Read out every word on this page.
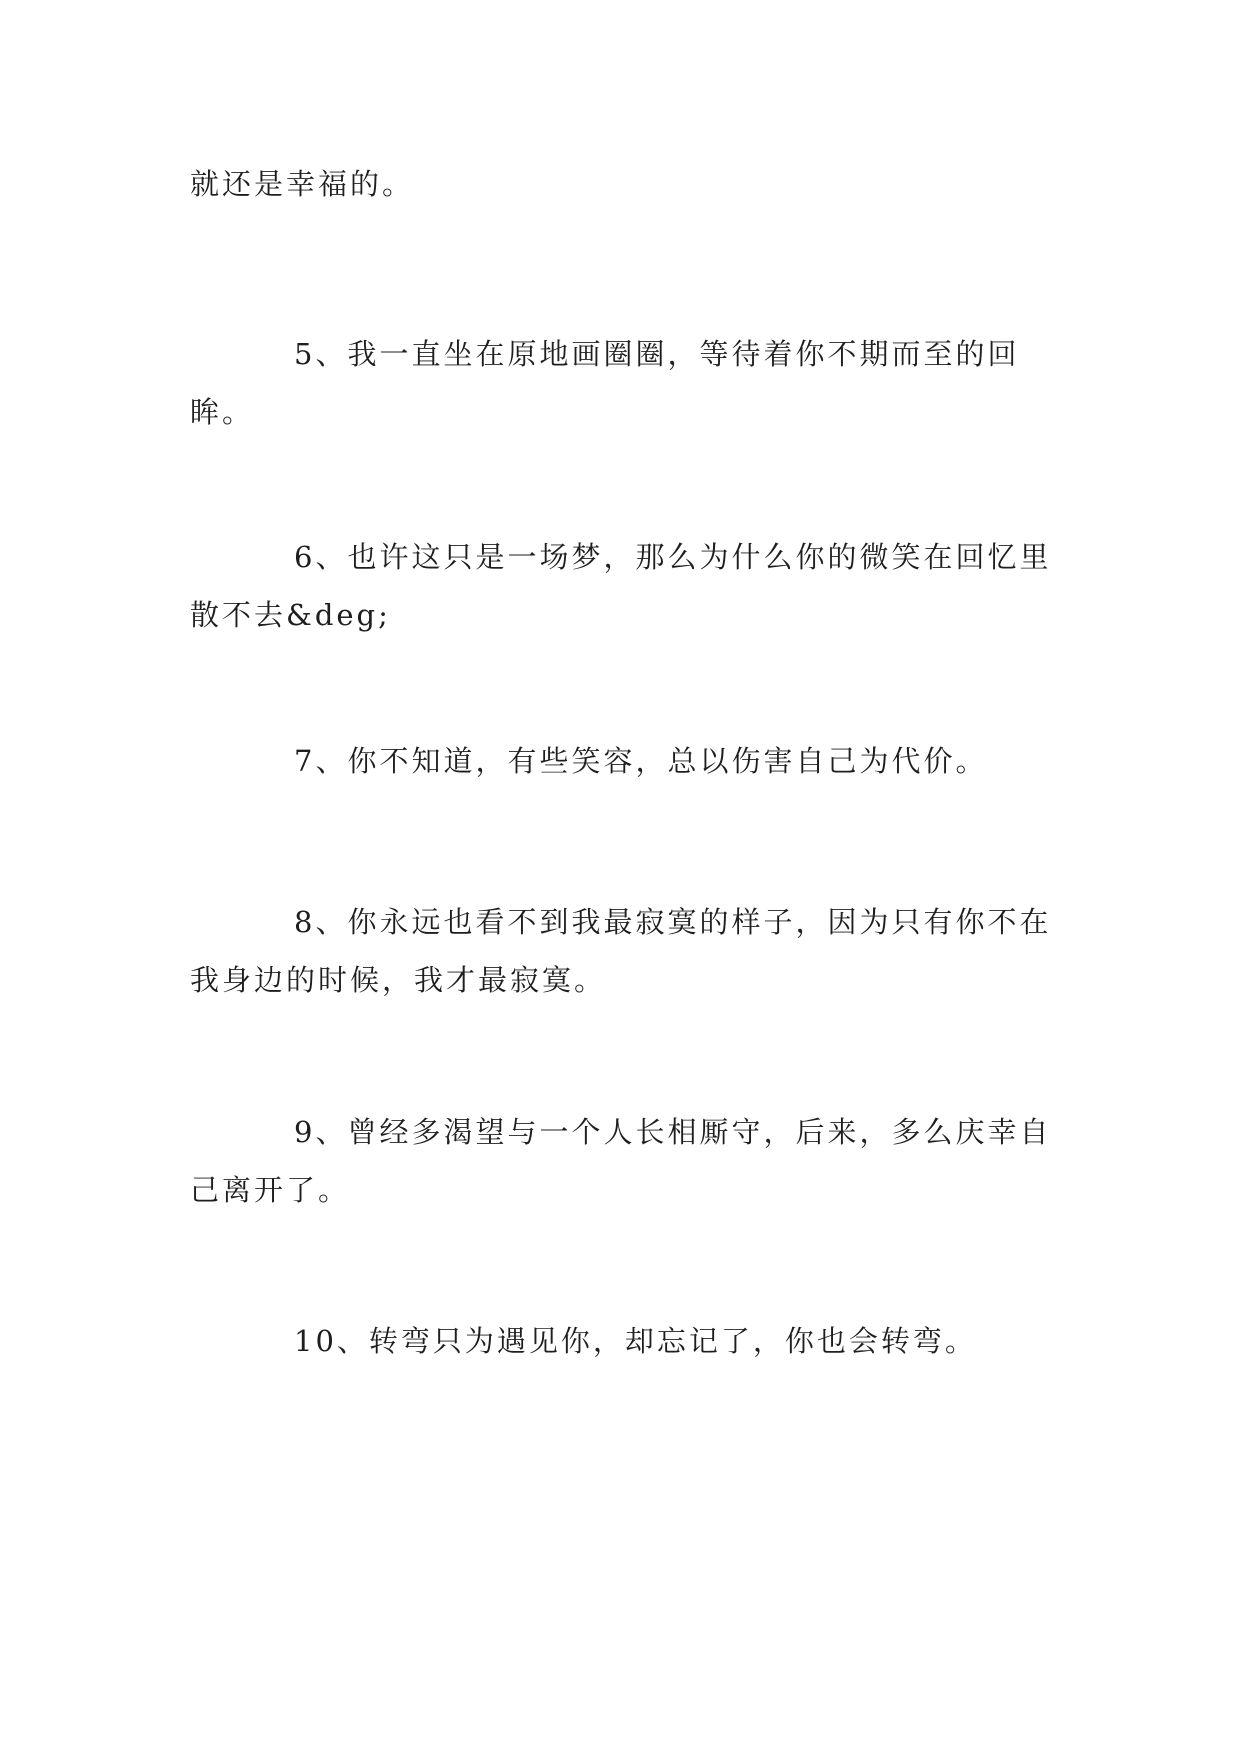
就还是幸福的。

5、我一直坐在原地画圈圈，等待着你不期而至的回眸。

6、也许这只是一场梦，那么为什么你的微笑在回忆里散不去&deg;

7、你不知道，有些笑容，总以伤害自己为代价。

8、你永远也看不到我最寂寞的样子，因为只有你不在我身边的时候，我才最寂寞。

9、曾经多渴望与一个人长相厮守，后来，多么庆幸自己离开了。

10、转弯只为遇见你，却忘记了，你也会转弯。
